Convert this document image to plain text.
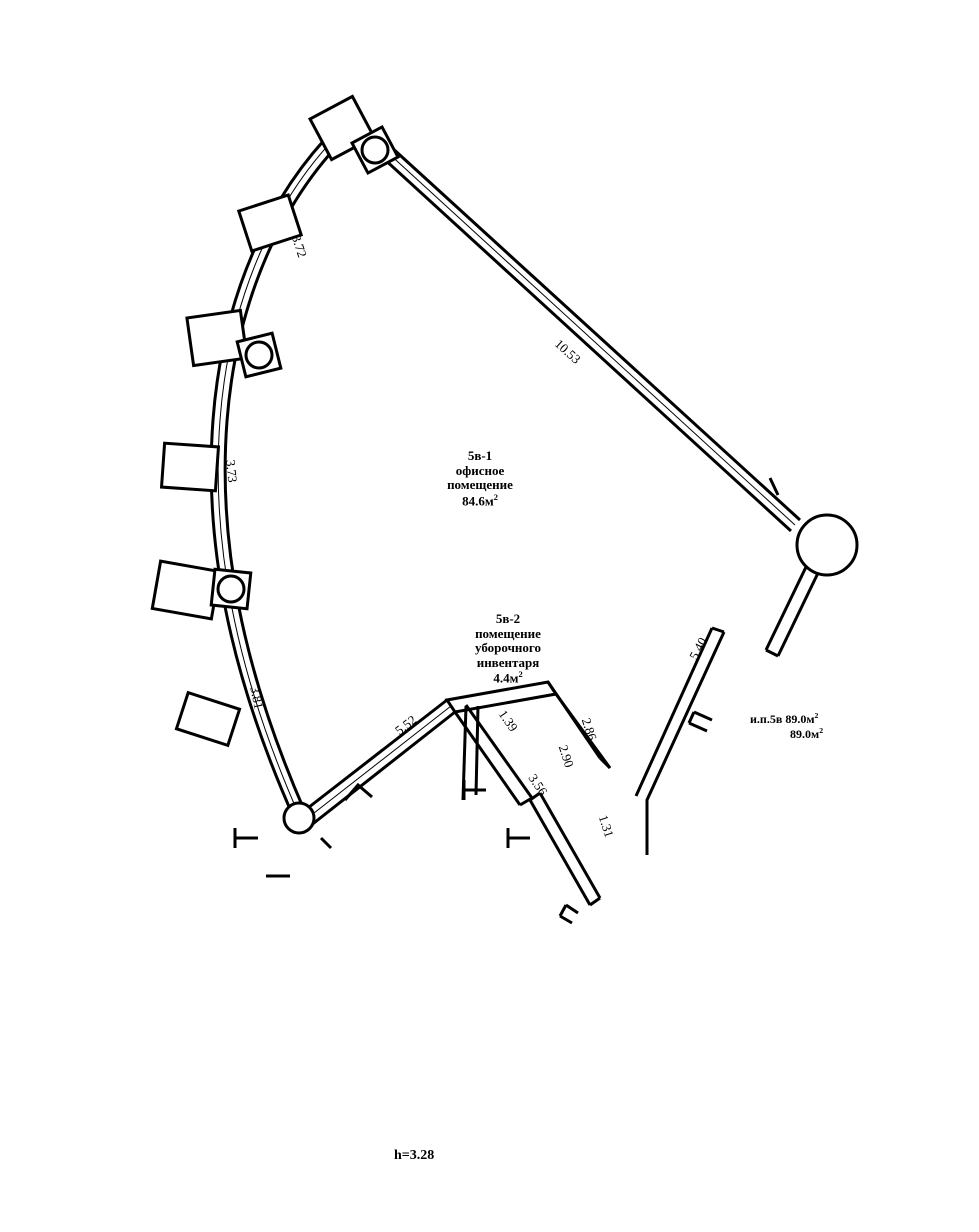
5в-1
офисное
помещение
$84.6м^2$
5в-2
помещение
уборочного
инвентаря
$4.4м^2$
и.п.5в $89.0м^2$
$89.0м^2$
3.72
10.53
3.73
3.81
5.52	1.39	2.86
2.90
3.56
1.31
5.40
h=3.28
